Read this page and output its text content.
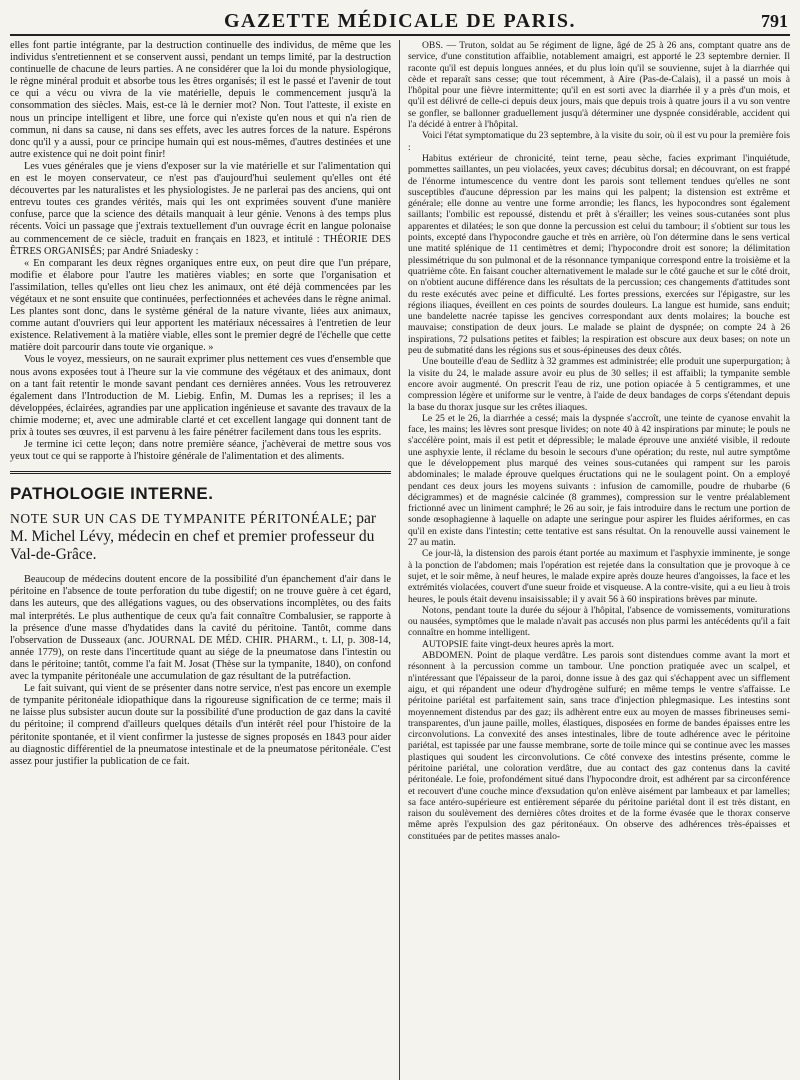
GAZETTE MÉDICALE DE PARIS.	791

elles font partie intégrante, par la destruction continuelle des individus, de même que les individus s'entretiennent et se conservent aussi, pendant un temps limité, par la destruction continuelle de chacune de leurs parties. A ne considérer que la loi du monde physiologique, le règne minéral produit et absorbe tous les êtres organisés; il est le passé et l'avenir de tout ce qui a vécu ou vivra de la vie matérielle, depuis le commencement jusqu'à la consommation des siècles. Mais, est-ce là le dernier mot? Non. Tout l'atteste, il existe en nous un principe intelligent et libre, une force qui n'existe qu'en nous et qui n'a rien de commun, ni dans sa cause, ni dans ses effets, avec les autres forces de la nature. Espérons donc qu'il y a aussi, pour ce principe humain qui est nous-mêmes, d'autres destinées et une autre existence qui ne doit point finir!

Les vues générales que je viens d'exposer sur la vie matérielle et sur l'alimentation qui en est le moyen conservateur, ce n'est pas d'aujourd'hui seulement qu'elles ont été découvertes par les naturalistes et les physiologistes. Je ne parlerai pas des anciens, qui ont entrevu toutes ces grandes vérités, mais qui les ont exprimées souvent d'une manière confuse, parce que la science des détails manquait à leur génie. Venons à des temps plus récents. Voici un passage que j'extrais textuellement d'un ouvrage écrit en langue polonaise au commencement de ce siècle, traduit en français en 1823, et intitulé : THÉORIE DES ÊTRES ORGANISÉS; par André Sniadesky :

« En comparant les deux règnes organiques entre eux, on peut dire que l'un prépare, modifie et élabore pour l'autre les matières viables; en sorte que l'organisation et l'assimilation, telles qu'elles ont lieu chez les animaux, ont été déjà commencées par les végétaux et ne sont ensuite que continuées, perfectionnées et achevées dans le règne animal. Les plantes sont donc, dans le système général de la nature vivante, liées aux animaux, comme autant d'ouvriers qui leur apportent les matériaux nécessaires à l'entretien de leur existence. Relativement à la matière viable, elles sont le premier degré de l'échelle que cette matière doit parcourir dans toute vie organique. »

Vous le voyez, messieurs, on ne saurait exprimer plus nettement ces vues d'ensemble que nous avons exposées tout à l'heure sur la vie commune des végétaux et des animaux, dont on a tant fait retentir le monde savant pendant ces dernières années. Vous les retrouverez également dans l'Introduction de M. Liebig. Enfin, M. Dumas les a reprises; il les a développées, éclairées, agrandies par une application ingénieuse et savante des travaux de la chimie moderne; et, avec une admirable clarté et cet excellent langage qui donnent tant de prix à toutes ses œuvres, il est parvenu à les faire pénétrer facilement dans tous les esprits.

Je termine ici cette leçon; dans notre première séance, j'achèverai de mettre sous vos yeux tout ce qui se rapporte à l'histoire générale de l'alimentation et des aliments.

PATHOLOGIE INTERNE.
NOTE SUR UN CAS DE TYMPANITE PÉRITONÉALE; par M. Michel Lévy, médecin en chef et premier professeur du Val-de-Grâce.

Beaucoup de médecins doutent encore de la possibilité d'un épanchement d'air dans le péritoine en l'absence de toute perforation du tube digestif; on ne trouve guère à cet égard, dans les auteurs, que des allégations vagues, ou des observations incomplètes, ou des faits mal interprétés. Le plus authentique de ceux qu'a fait connaître Combalusier, se rapporte à la présence d'une masse d'hydatides dans la cavité du péritoine. Tantôt, comme dans l'observation de Dusseaux (anc. JOURNAL DE MÉD. CHIR. PHARM., t. LI, p. 308-14, année 1779), on reste dans l'incertitude quant au siége de la pneumatose dans l'intestin ou dans le péritoine; tantôt, comme l'a fait M. Josat (Thèse sur la tympanite, 1840), on confond avec la tympanite péritonéale une accumulation de gaz résultant de la putréfaction.

Le fait suivant, qui vient de se présenter dans notre service, n'est pas encore un exemple de tympanite péritonéale idiopathique dans la rigoureuse signification de ce terme; mais il ne laisse plus subsister aucun doute sur la possibilité d'une production de gaz dans la cavité du péritoine; il comprend d'ailleurs quelques détails d'un intérêt réel pour l'histoire de la péritonite spontanée, et il vient confirmer la justesse de signes proposés en 1843 pour aider au diagnostic différentiel de la pneumatose intestinale et de la pneumatose péritonéale. C'est assez pour justifier la publication de ce fait.

OBS. — Truton, soldat au 5e régiment de ligne, âgé de 25 à 26 ans, comptant quatre ans de service, d'une constitution affaiblie, notablement amaigri, est apporté le 23 septembre dernier. Il raconte qu'il est depuis longues années, et du plus loin qu'il se souvienne, sujet à la diarrhée qui cède et reparaît sans cesse; que tout récemment, à Aire (Pas-de-Calais), il a passé un mois à l'hôpital pour une fièvre intermittente; qu'il en est sorti avec la diarrhée il y a près d'un mois, et qu'il est délivré de celle-ci depuis deux jours, mais que depuis trois à quatre jours il a vu son ventre se gonfler, se ballonner graduellement jusqu'à déterminer une dyspnée considérable, accident qui l'a décidé à entrer à l'hôpital.

Voici l'état symptomatique du 23 septembre, à la visite du soir, où il est vu pour la première fois :

Habitus extérieur de chronicité, teint terne, peau sèche, facies exprimant l'inquiétude, pommettes saillantes, un peu violacées, yeux caves; décubitus dorsal; en découvrant, on est frappé de l'énorme intumescence du ventre dont les parois sont tellement tendues qu'elles ne sont susceptibles d'aucune dépression par les mains qui les palpent; la distension est extrême et générale; elle donne au ventre une forme arrondie; les flancs, les hypocondres sont également saillants; l'ombilic est repoussé, distendu et prêt à s'érailler; les veines sous-cutanées sont plus apparentes et dilatées; le son que donne la percussion est celui du tambour; il s'obtient sur tous les points, excepté dans l'hypocondre gauche et très en arrière, où l'on détermine dans le sens vertical une matité splénique de 11 centimètres et demi; l'hypocondre droit est sonore; la délimitation plessimétrique du son pulmonal et de la résonnance tympanique correspond entre la troisième et la quatrième côte. En faisant coucher alternativement le malade sur le côté gauche et sur le côté droit, on n'obtient aucune différence dans les résultats de la percussion; ces changements d'attitudes sont du reste exécutés avec peine et difficulté. Les fortes pressions, exercées sur l'épigastre, sur les régions iliaques, éveillent en ces points de sourdes douleurs. La langue est humide, sans enduit; une bandelette nacrée tapisse les gencives correspondant aux dents molaires; la bouche est mauvaise; constipation de deux jours. Le malade se plaint de dyspnée; on compte 24 à 26 inspirations, 72 pulsations petites et faibles; la respiration est obscure aux deux bases; on note un peu de submatité dans les régions sus et sous-épineuses des deux côtés.

Une bouteille d'eau de Sedlitz à 32 grammes est administrée; elle produit une superpurgation; à la visite du 24, le malade assure avoir eu plus de 30 selles; il est affaibli; la tympanite semble encore avoir augmenté. On prescrit l'eau de riz, une potion opiacée à 5 centigrammes, et une compression légère et uniforme sur le ventre, à l'aide de deux bandages de corps s'étendant depuis la base du thorax jusque sur les crêtes iliaques.

Le 25 et le 26, la diarrhée a cessé; mais la dyspnée s'accroît, une teinte de cyanose envahit la face, les mains; les lèvres sont presque livides; on note 40 à 42 inspirations par minute; le pouls ne s'accélère point, mais il est petit et dépressible; le malade éprouve une anxiété visible, il redoute une asphyxie lente, il réclame du besoin le secours d'une opération; du reste, nul autre symptôme que le développement plus marqué des veines sous-cutanées qui rampent sur les parois abdominales; le malade éprouve quelques éructations qui ne le soulagent point. On a employé pendant ces deux jours les moyens suivants : infusion de camomille, poudre de rhubarbe (6 décigrammes) et de magnésie calcinée (8 grammes), compression sur le ventre préalablement frictionné avec un liniment camphré; le 26 au soir, je fais introduire dans le rectum une portion de sonde œsophagienne à laquelle on adapte une seringue pour aspirer les fluides aériformes, en cas qu'il en existe dans l'intestin; cette tentative est sans résultat. On la renouvelle aussi vainement le 27 au matin.

Ce jour-là, la distension des parois étant portée au maximum et l'asphyxie imminente, je songe à la ponction de l'abdomen; mais l'opération est rejetée dans la consultation que je provoque à ce sujet, et le soir même, à neuf heures, le malade expire après douze heures d'angoisses, la face et les extrémités violacées, couvert d'une sueur froide et visqueuse. A la contre-visite, qui a eu lieu à trois heures, le pouls était devenu insaisissable; il y avait 56 à 60 inspirations brèves par minute.

Notons, pendant toute la durée du séjour à l'hôpital, l'absence de vomissements, vomiturations ou nausées, symptômes que le malade n'avait pas accusés non plus parmi les antécédents qu'il a fait connaître en homme intelligent.

AUTOPSIE faite vingt-deux heures après la mort.

ABDOMEN. Point de plaque verdâtre. Les parois sont distendues comme avant la mort et résonnent à la percussion comme un tambour. Une ponction pratiquée avec un scalpel, et n'intéressant que l'épaisseur de la paroi, donne issue à des gaz qui s'échappent avec un sifflement aigu, et qui répandent une odeur d'hydrogène sulfuré; en même temps le ventre s'affaisse. Le péritoine pariétal est parfaitement sain, sans trace d'injection phlegmasique. Les intestins sont moyennement distendus par des gaz; ils adhèrent entre eux au moyen de masses fibrineuses semi-transparentes, d'un jaune paille, molles, élastiques, disposées en forme de bandes épaisses entre les circonvolutions. La convexité des anses intestinales, libre de toute adhérence avec le péritoine pariétal, est tapissée par une fausse membrane, sorte de toile mince qui se continue avec les masses plastiques qui soudent les circonvolutions. Ce côté convexe des intestins présente, comme le péritoine pariétal, une coloration verdâtre, due au contact des gaz contenus dans la cavité péritonéale. Le foie, profondément situé dans l'hypocondre droit, est adhérent par sa circonférence et recouvert d'une couche mince d'exsudation qu'on enlève aisément par lambeaux et par lamelles; sa face antéro-supérieure est entièrement séparée du péritoine pariétal dont il est très distant, en raison du soulèvement des dernières côtes droites et de la forme évasée que le thorax conserve même après l'expulsion des gaz péritonéaux. On observe des adhérences très-épaisses et constituées par de petites masses analo-
